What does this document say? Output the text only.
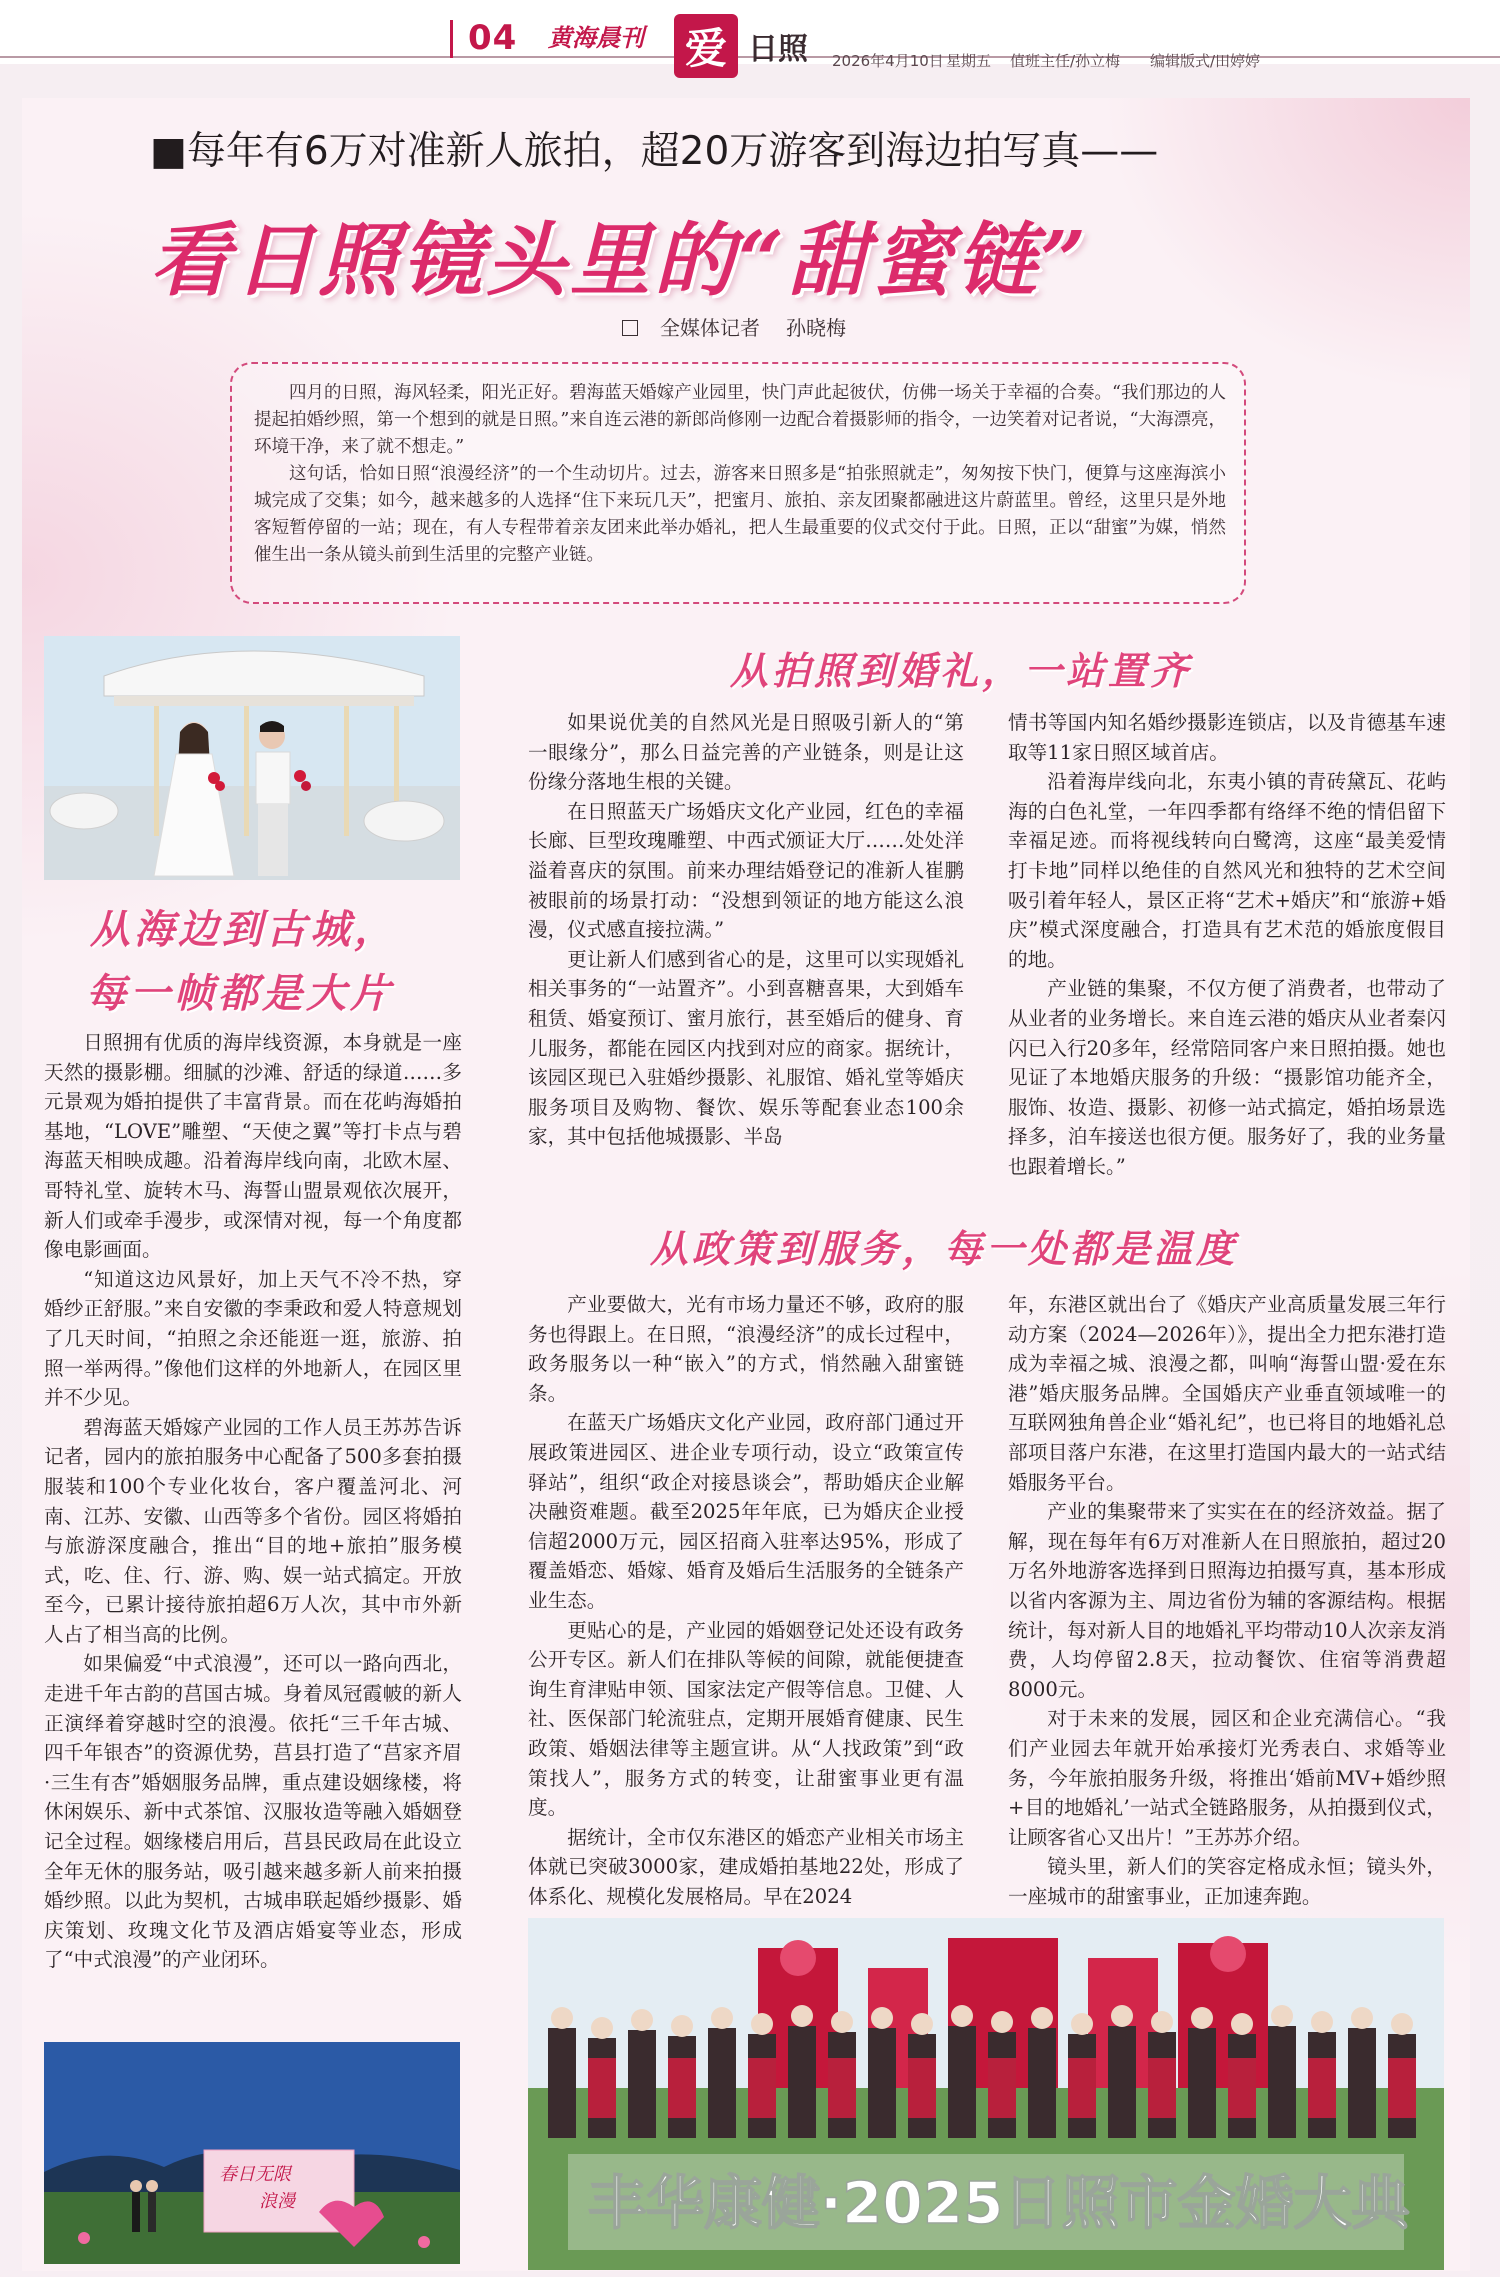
04 黄海晨刊 爱 日照 2026年4月10日 星期五 值班主任/孙立梅 编辑版式/田婷婷
■每年有6万对准新人旅拍，超20万游客到海边拍写真——
看日照镜头里的“甜蜜链”
全媒体记者 孙晓梅

四月的日照，海风轻柔，阳光正好。碧海蓝天婚嫁产业园里，快门声此起彼伏，仿佛一场关于幸福的合奏。“我们那边的人提起拍婚纱照，第一个想到的就是日照。”来自连云港的新郎尚修刚一边配合着摄影师的指令，一边笑着对记者说，“大海漂亮，环境干净，来了就不想走。”

这句话，恰如日照“浪漫经济”的一个生动切片。过去，游客来日照多是“拍张照就走”，匆匆按下快门，便算与这座海滨小城完成了交集；如今，越来越多的人选择“住下来玩几天”，把蜜月、旅拍、亲友团聚都融进这片蔚蓝里。曾经，这里只是外地客短暂停留的一站；现在，有人专程带着亲友团来此举办婚礼，把人生最重要的仪式交付于此。日照，正以“甜蜜”为媒，悄然催生出一条从镜头前到生活里的完整产业链。

从海边到古城，
每一帧都是大片

日照拥有优质的海岸线资源，本身就是一座天然的摄影棚。细腻的沙滩、舒适的绿道……多元景观为婚拍提供了丰富背景。而在花屿海婚拍基地，“LOVE”雕塑、“天使之翼”等打卡点与碧海蓝天相映成趣。沿着海岸线向南，北欧木屋、哥特礼堂、旋转木马、海誓山盟景观依次展开，新人们或牵手漫步，或深情对视，每一个角度都像电影画面。

“知道这边风景好，加上天气不冷不热，穿婚纱正舒服。”来自安徽的李秉政和爱人特意规划了几天时间，“拍照之余还能逛一逛，旅游、拍照一举两得。”像他们这样的外地新人，在园区里并不少见。

碧海蓝天婚嫁产业园的工作人员王苏苏告诉记者，园内的旅拍服务中心配备了500多套拍摄服装和100个专业化妆台，客户覆盖河北、河南、江苏、安徽、山西等多个省份。园区将婚拍与旅游深度融合，推出“目的地+旅拍”服务模式，吃、住、行、游、购、娱一站式搞定。开放至今，已累计接待旅拍超6万人次，其中市外新人占了相当高的比例。

如果偏爱“中式浪漫”，还可以一路向西北，走进千年古韵的莒国古城。身着凤冠霞帔的新人正演绎着穿越时空的浪漫。依托“三千年古城、四千年银杏”的资源优势，莒县打造了“莒家齐眉·三生有杏”婚姻服务品牌，重点建设姻缘楼，将休闲娱乐、新中式茶馆、汉服妆造等融入婚姻登记全过程。姻缘楼启用后，莒县民政局在此设立全年无休的服务站，吸引越来越多新人前来拍摄婚纱照。以此为契机，古城串联起婚纱摄影、婚庆策划、玫瑰文化节及酒店婚宴等业态，形成了“中式浪漫”的产业闭环。

春日无限
浪漫
从拍照到婚礼，一站置齐

如果说优美的自然风光是日照吸引新人的“第一眼缘分”，那么日益完善的产业链条，则是让这份缘分落地生根的关键。

在日照蓝天广场婚庆文化产业园，红色的幸福长廊、巨型玫瑰雕塑、中西式颁证大厅……处处洋溢着喜庆的氛围。前来办理结婚登记的准新人崔鹏被眼前的场景打动：“没想到领证的地方能这么浪漫，仪式感直接拉满。”

更让新人们感到省心的是，这里可以实现婚礼相关事务的“一站置齐”。小到喜糖喜果，大到婚车租赁、婚宴预订、蜜月旅行，甚至婚后的健身、育儿服务，都能在园区内找到对应的商家。据统计，该园区现已入驻婚纱摄影、礼服馆、婚礼堂等婚庆服务项目及购物、餐饮、娱乐等配套业态100余家，其中包括他城摄影、半岛

情书等国内知名婚纱摄影连锁店，以及肯德基车速取等11家日照区域首店。

沿着海岸线向北，东夷小镇的青砖黛瓦、花屿海的白色礼堂，一年四季都有络绎不绝的情侣留下幸福足迹。而将视线转向白鹭湾，这座“最美爱情打卡地”同样以绝佳的自然风光和独特的艺术空间吸引着年轻人，景区正将“艺术+婚庆”和“旅游+婚庆”模式深度融合，打造具有艺术范的婚旅度假目的地。

产业链的集聚，不仅方便了消费者，也带动了从业者的业务增长。来自连云港的婚庆从业者秦闪闪已入行20多年，经常陪同客户来日照拍摄。她也见证了本地婚庆服务的升级：“摄影馆功能齐全，服饰、妆造、摄影、初修一站式搞定，婚拍场景选择多，泊车接送也很方便。服务好了，我的业务量也跟着增长。”

从政策到服务，每一处都是温度

产业要做大，光有市场力量还不够，政府的服务也得跟上。在日照，“浪漫经济”的成长过程中，政务服务以一种“嵌入”的方式，悄然融入甜蜜链条。

在蓝天广场婚庆文化产业园，政府部门通过开展政策进园区、进企业专项行动，设立“政策宣传驿站”，组织“政企对接恳谈会”，帮助婚庆企业解决融资难题。截至2025年年底，已为婚庆企业授信超2000万元，园区招商入驻率达95%，形成了覆盖婚恋、婚嫁、婚育及婚后生活服务的全链条产业生态。

更贴心的是，产业园的婚姻登记处还设有政务公开专区。新人们在排队等候的间隙，就能便捷查询生育津贴申领、国家法定产假等信息。卫健、人社、医保部门轮流驻点，定期开展婚育健康、民生政策、婚姻法律等主题宣讲。从“人找政策”到“政策找人”，服务方式的转变，让甜蜜事业更有温度。

据统计，全市仅东港区的婚恋产业相关市场主体就已突破3000家，建成婚拍基地22处，形成了体系化、规模化发展格局。早在2024

年，东港区就出台了《婚庆产业高质量发展三年行动方案（2024—2026年）》，提出全力把东港打造成为幸福之城、浪漫之都，叫响“海誓山盟·爱在东港”婚庆服务品牌。全国婚庆产业垂直领域唯一的互联网独角兽企业“婚礼纪”，也已将目的地婚礼总部项目落户东港，在这里打造国内最大的一站式结婚服务平台。

产业的集聚带来了实实在在的经济效益。据了解，现在每年有6万对准新人在日照旅拍，超过20万名外地游客选择到日照海边拍摄写真，基本形成以省内客源为主、周边省份为辅的客源结构。根据统计，每对新人目的地婚礼平均带动10人次亲友消费，人均停留2.8天，拉动餐饮、住宿等消费超8000元。

对于未来的发展，园区和企业充满信心。“我们产业园去年就开始承接灯光秀表白、求婚等业务，今年旅拍服务升级，将推出‘婚前MV+婚纱照+目的地婚礼’一站式全链路服务，从拍摄到仪式，让顾客省心又出片！”王苏苏介绍。

镜头里，新人们的笑容定格成永恒；镜头外，一座城市的甜蜜事业，正加速奔跑。

丰华康健·2025日照市金婚大典
